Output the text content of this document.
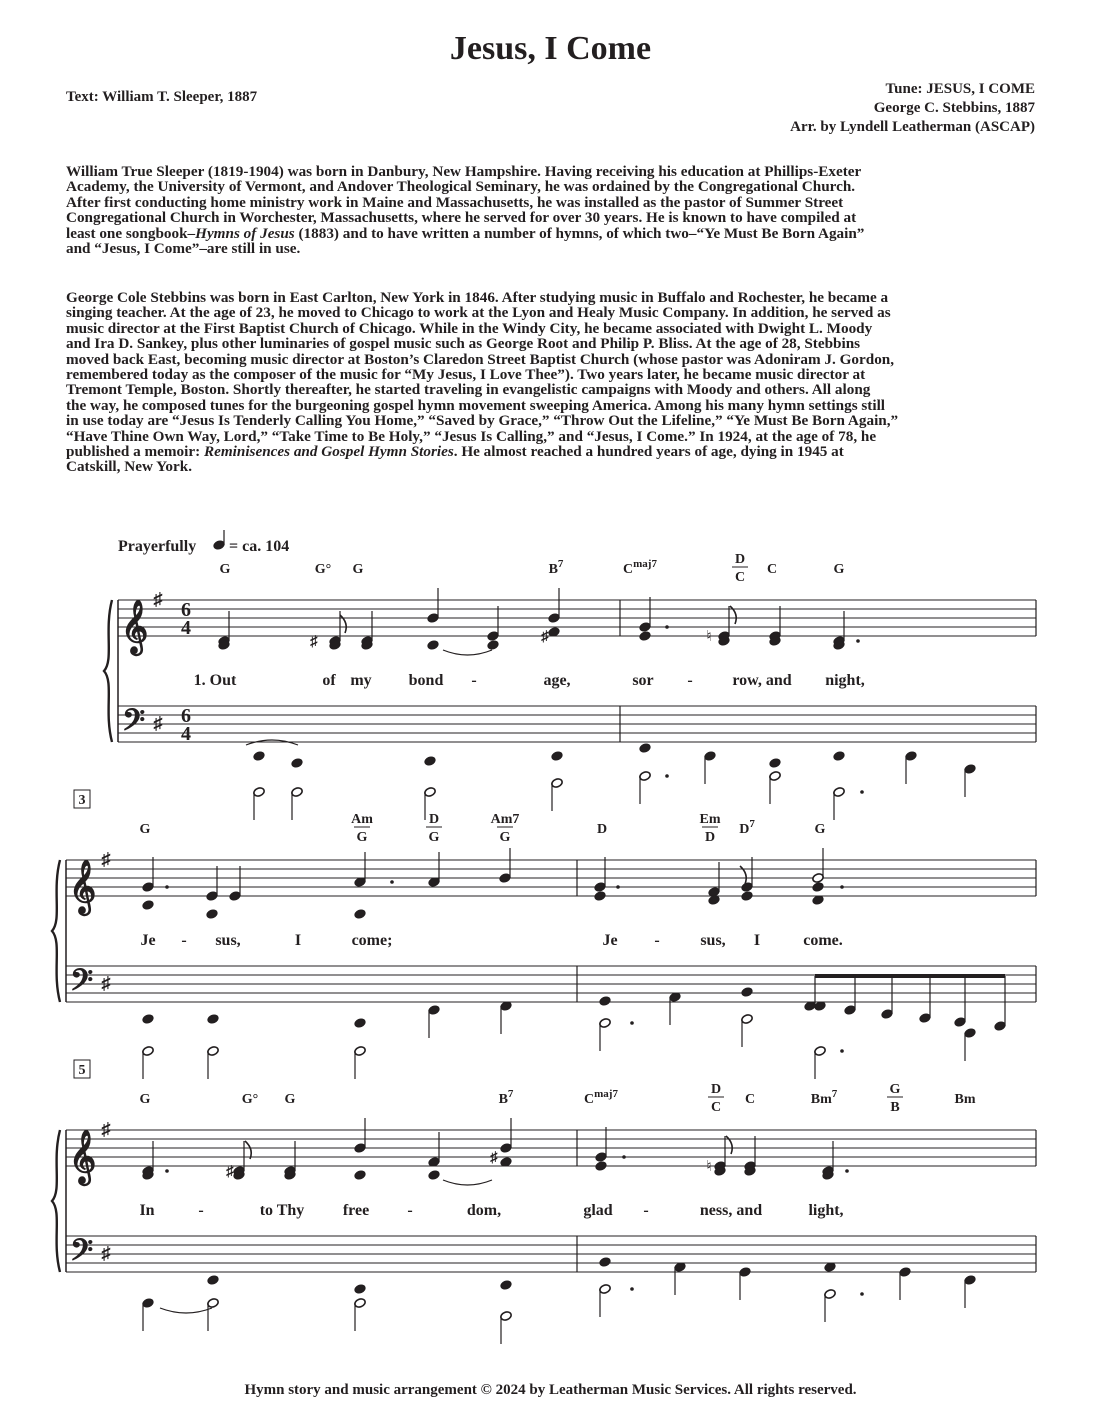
Jesus, I Come
Text: William T. Sleeper, 1887	Tune: JESUS, I COME
George C. Stebbins, 1887
Arr. by Lyndell Leatherman (ASCAP)
William True Sleeper (1819-1904) was born in Danbury, New Hampshire. Having receiving his education at Phillips-Exeter
Academy, the University of Vermont, and Andover Theological Seminary, he was ordained by the Congregational Church.
After first conducting home ministry work in Maine and Massachusetts, he was installed as the pastor of Summer Street
Congregational Church in Worchester, Massachusetts, where he served for over 30 years. He is known to have compiled at
least one songbook–Hymns of Jesus (1883) and to have written a number of hymns, of which two–“Ye Must Be Born Again”
and “Jesus, I Come”–are still in use.
George Cole Stebbins was born in East Carlton, New York in 1846. After studying music in Buffalo and Rochester, he became a
singing teacher. At the age of 23, he moved to Chicago to work at the Lyon and Healy Music Company. In addition, he served as
music director at the First Baptist Church of Chicago. While in the Windy City, he became associated with Dwight L. Moody
and Ira D. Sankey, plus other luminaries of gospel music such as George Root and Philip P. Bliss. At the age of 28, Stebbins
moved back East, becoming music director at Boston’s Claredon Street Baptist Church (whose pastor was Adoniram J. Gordon,
remembered today as the composer of the music for “My Jesus, I Love Thee”). Two years later, he became music director at
Tremont Temple, Boston. Shortly thereafter, he started traveling in evangelistic campaigns with Moody and others. All along
the way, he composed tunes for the burgeoning gospel hymn movement sweeping America. Among his many hymn settings still
in use today are “Jesus Is Tenderly Calling You Home,” “Saved by Grace,” “Throw Out the Lifeline,” “Ye Must Be Born Again,”
“Have Thine Own Way, Lord,” “Take Time to Be Holy,” “Jesus Is Calling,” and “Jesus, I Come.” In 1924, at the age of 78, he
published a memoir: Reminisences and Gospel Hymn Stories. He almost reached a hundred years of age, dying in 1945 at
Catskill, New York.
𝄞
𝄢
♯
♯
6
4
6
4
G	G° G	$B^7$	$C^{maj7}$	D
C
C	G
1. Out	of my bond -	age,	sor - row, and night,
𝄞
𝄢
♯
♯
3
G
Am
G
D
G
Am7
G
D
Em
D
$D^7$	G
Je - sus,	I	come;	Je -	sus, I	come.
𝄞
𝄢
♯
♯
5
G	G° G	$B^7$	$C^{maj7}$	D
C
C	Bm$^7$	G
B
Bm
In	-	to Thy free -	dom,	glad -	ness, and	light,
Prayerfully = ca. 104
♯	♯	♮
♯
♯
♮
Hymn story and music arrangement © 2024 by Leatherman Music Services. All rights reserved.
